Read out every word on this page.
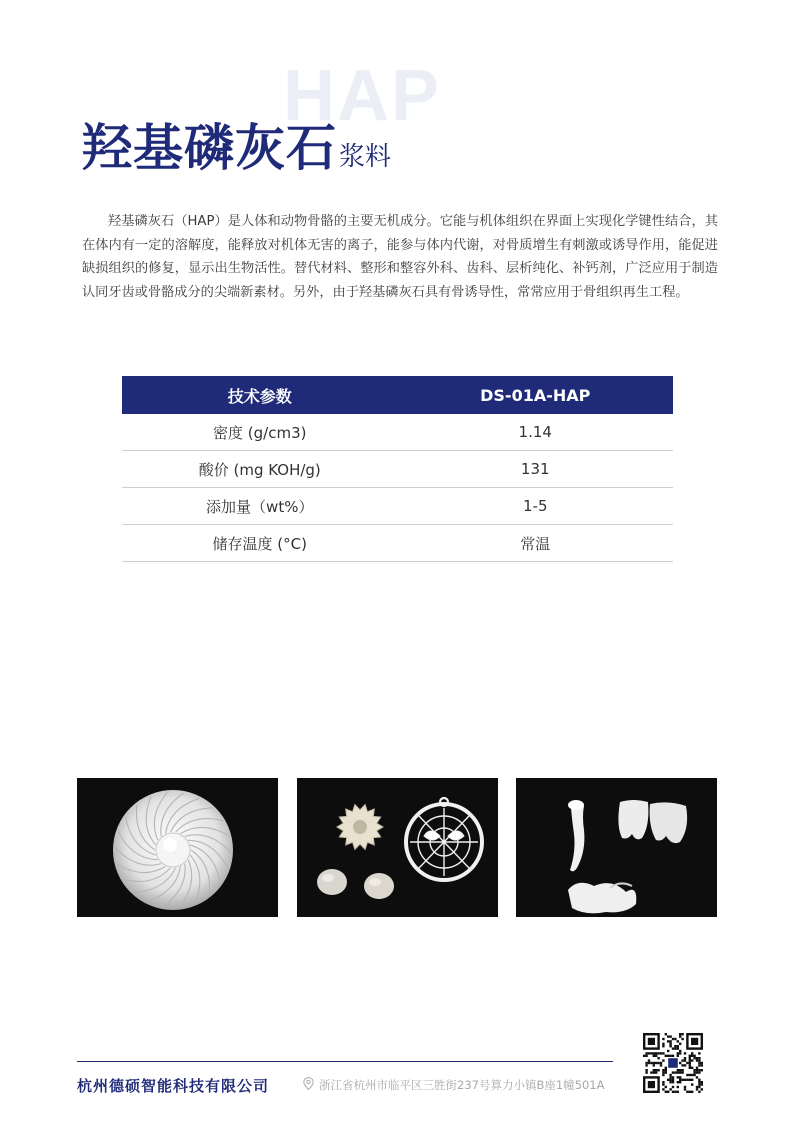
HAP
羟基磷灰石浆料

羟基磷灰石（HAP）是人体和动物骨骼的主要无机成分。它能与机体组织在界面上实现化学键性结合，其在体内有一定的溶解度，能释放对机体无害的离子，能参与体内代谢，对骨质增生有刺激或诱导作用，能促进缺损组织的修复，显示出生物活性。替代材料、整形和整容外科、齿科、层析纯化、补钙剂，广泛应用于制造认同牙齿或骨骼成分的尖端新素材。另外，由于羟基磷灰石具有骨诱导性，常常应用于骨组织再生工程。

技术参数	DS-01A-HAP
密度 (g/cm3)	1.14
酸价 (mg KOH/g)	131
添加量（wt%）	1-5
储存温度 (°C)	常温
杭州德硕智能科技有限公司	浙江省杭州市临平区三胜街237号算力小镇B座1幢501A
